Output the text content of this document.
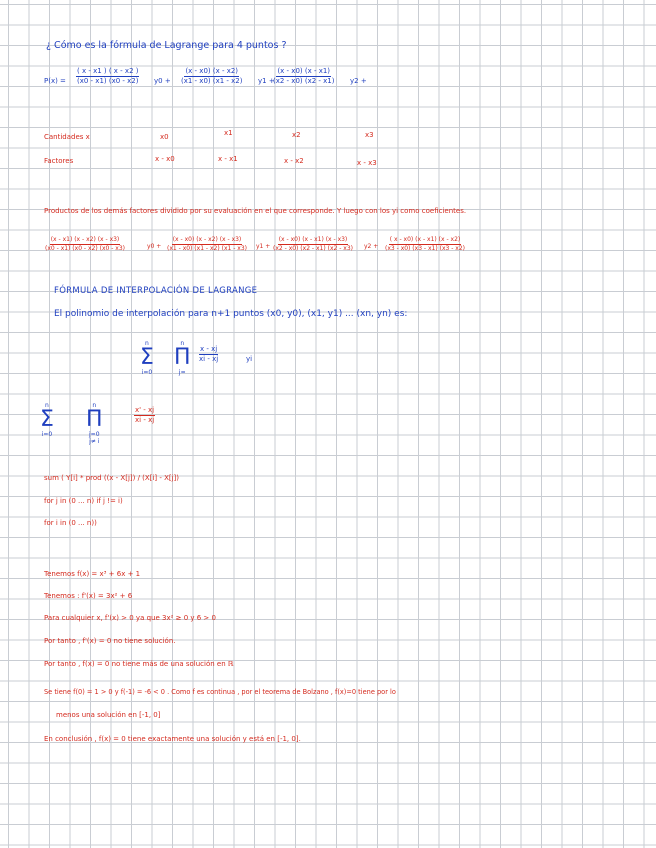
¿ Cómo es la fórmula de Lagrange para 4 puntos ?
$P(x) = \frac{( x - x1 ) ( x - x2 )}{(x0 - x1) (x0 - x2)} y0 + \frac{(x - x0) (x - x2)}{(x1 - x0) (x1 - x2)} y1$ +
$\frac{(x - x0) (x - x1)}{(x2 - x0) (x2 - x1)} y2$ +
Cantidades x	x0	x1	x2	x3
Factores	x - x0	x - x1	x - x2	x - x3
Productos de los demás factores dividido por su evaluación en el que corresponde. Y luego con los yi como coeficientes.
$\frac{(x - x1) (x - x2) (x - x3)}{(x0 - x1) (x0 - x2) (x0 - x3)}$	$y0 + \frac{(x - x0) (x - x2) (x - x3)}{(x1 - x0) (x1 - x2) (x1 - x3)} y1 + \frac{(x - x0) (x - x1) (x - x3)}{(x2 - x0) (x2 - x1) (x2 - x3)} y2 + \frac{( x - x0) (x - x1) (x - x2)}{(x3 - x0) (x3 - x1) (x3 - x2)}$
FÓRMULA DE INTERPOLACIÓN DE LAGRANGE
El polinomio de interpolación para n+1 puntos (x0, y0), (x1, y1) ... (xn, yn) es:
n
Σ
i=0
n
Π
j=
$\frac{x - xj}{xi - xj}$	yi
n
Σ
i=0
n
Π
j=0
j≠ i
$\frac{x' - xj}{xi - xj}$
sum ( Y[i] * prod ((x - X[j]) / (X[i] - X[j])
for j in (0 ... n) if j != i)
for i in (0 ... n))
Tenemos f(x) = x³ + 6x + 1
Tenemos : f'(x) = 3x² + 6
Para cualquier x, f'(x) > 0 ya que 3x² ≥ 0 y 6 > 0
Por tanto , f'(x) = 0 no tiene solución.
Por tanto , f(x) = 0 no tiene más de una solución en ℝ
Se tiene f(0) = 1 > 0 y f(-1) = -6 < 0 . Como f es continua , por el teorema de Bolzano , f(x)=0 tiene por lo
menos una solución en [-1, 0]
En conclusión , f(x) = 0 tiene exactamente una solución y está en [-1, 0].
